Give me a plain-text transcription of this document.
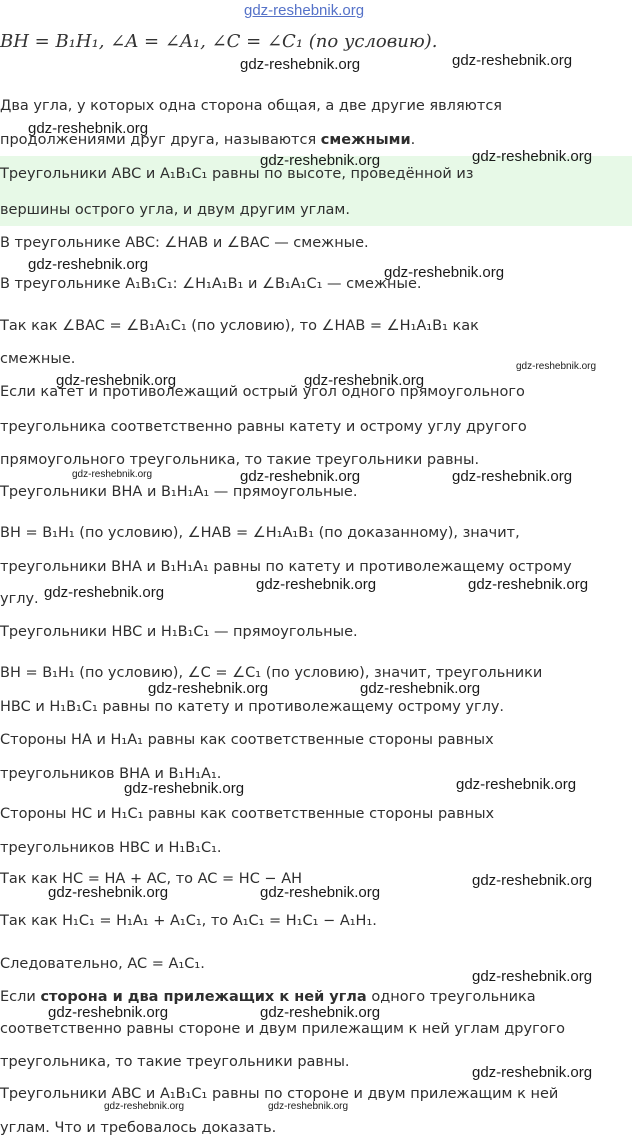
gdz-reshebnik.org
BH = B₁H₁, ∠A = ∠A₁, ∠C = ∠C₁ (по условию).
Два угла, у которых одна сторона общая, а две другие являются
продолжениями друг друга, называются смежными.
Треугольники ABC и A₁B₁C₁ равны по высоте, проведённой из
вершины острого угла, и двум другим углам.
В треугольнике ABC: ∠HAB и ∠BAC — смежные.
В треугольнике A₁B₁C₁: ∠H₁A₁B₁ и ∠B₁A₁C₁ — смежные.
Так как ∠BAC = ∠B₁A₁C₁ (по условию), то ∠HAB = ∠H₁A₁B₁ как
смежные.
Если катет и противолежащий острый угол одного прямоугольного
треугольника соответственно равны катету и острому углу другого
прямоугольного треугольника, то такие треугольники равны.
Треугольники BHA и B₁H₁A₁ — прямоугольные.
BH = B₁H₁ (по условию), ∠HAB = ∠H₁A₁B₁ (по доказанному), значит,
треугольники BHA и B₁H₁A₁ равны по катету и противолежащему острому
углу.
Треугольники HBC и H₁B₁C₁ — прямоугольные.
BH = B₁H₁ (по условию), ∠C = ∠C₁ (по условию), значит, треугольники
HBC и H₁B₁C₁ равны по катету и противолежащему острому углу.
Стороны HA и H₁A₁ равны как соответственные стороны равных
треугольников BHA и B₁H₁A₁.
Стороны HC и H₁C₁ равны как соответственные стороны равных
треугольников HBC и H₁B₁C₁.
Так как HC = HA + AC, то AC = HC − AH
Так как H₁C₁ = H₁A₁ + A₁C₁, то A₁C₁ = H₁C₁ − A₁H₁.
Следовательно, AC = A₁C₁.
Если сторона и два прилежащих к ней угла одного треугольника
соответственно равны стороне и двум прилежащим к ней углам другого
треугольника, то такие треугольники равны.
Треугольники ABC и A₁B₁C₁ равны по стороне и двум прилежащим к ней
углам. Что и требовалось доказать.
gdz-reshebnik.org	gdz-reshebnik.org
gdz-reshebnik.org
gdz-reshebnik.org	gdz-reshebnik.org
gdz-reshebnik.org	gdz-reshebnik.org
gdz-reshebnik.org
gdz-reshebnik.org	gdz-reshebnik.org
gdz-reshebnik.org	gdz-reshebnik.org	gdz-reshebnik.org
gdz-reshebnik.org	gdz-reshebnik.org
gdz-reshebnik.org
gdz-reshebnik.org	gdz-reshebnik.org
gdz-reshebnik.org
gdz-reshebnik.org
gdz-reshebnik.org
gdz-reshebnik.org	gdz-reshebnik.org
gdz-reshebnik.org
gdz-reshebnik.org	gdz-reshebnik.org
gdz-reshebnik.org
gdz-reshebnik.org	gdz-reshebnik.org
